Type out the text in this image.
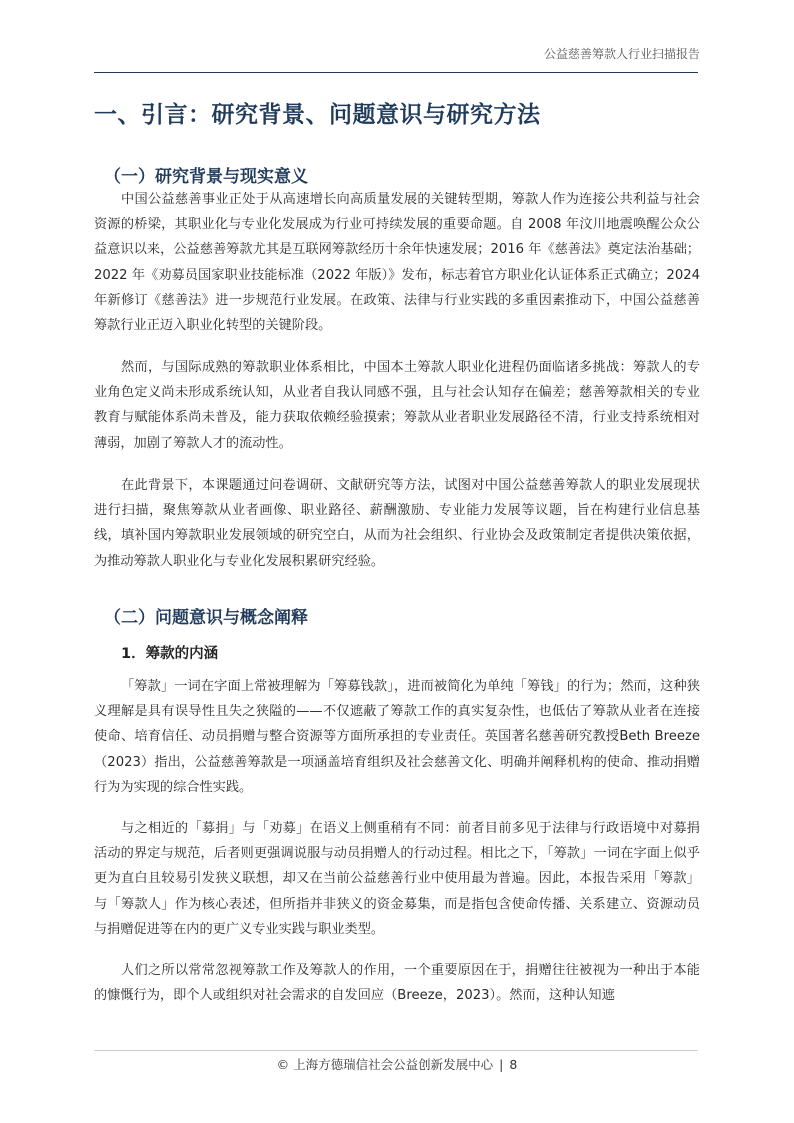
公益慈善筹款人行业扫描报告
一、引言：研究背景、问题意识与研究方法
（一）研究背景与现实意义
中国公益慈善事业正处于从高速增长向高质量发展的关键转型期，筹款人作为连接公共利益与社会资源的桥梁，其职业化与专业化发展成为行业可持续发展的重要命题。自 2008 年汶川地震唤醒公众公益意识以来，公益慈善筹款尤其是互联网筹款经历十余年快速发展；2016 年《慈善法》奠定法治基础；2022 年《劝募员国家职业技能标准（2022 年版）》发布，标志着官方职业化认证体系正式确立；2024 年新修订《慈善法》进一步规范行业发展。在政策、法律与行业实践的多重因素推动下，中国公益慈善筹款行业正迈入职业化转型的关键阶段。
然而，与国际成熟的筹款职业体系相比，中国本土筹款人职业化进程仍面临诸多挑战：筹款人的专业角色定义尚未形成系统认知，从业者自我认同感不强，且与社会认知存在偏差；慈善筹款相关的专业教育与赋能体系尚未普及，能力获取依赖经验摸索；筹款从业者职业发展路径不清，行业支持系统相对薄弱，加剧了筹款人才的流动性。
在此背景下，本课题通过问卷调研、文献研究等方法，试图对中国公益慈善筹款人的职业发展现状进行扫描，聚焦筹款从业者画像、职业路径、薪酬激励、专业能力发展等议题，旨在构建行业信息基线，填补国内筹款职业发展领域的研究空白，从而为社会组织、行业协会及政策制定者提供决策依据，为推动筹款人职业化与专业化发展积累研究经验。
（二）问题意识与概念阐释
1．筹款的内涵
「筹款」一词在字面上常被理解为「筹募钱款」，进而被简化为单纯「筹钱」的行为；然而，这种狭义理解是具有误导性且失之狭隘的——不仅遮蔽了筹款工作的真实复杂性，也低估了筹款从业者在连接使命、培育信任、动员捐赠与整合资源等方面所承担的专业责任。英国著名慈善研究教授Beth Breeze（2023）指出，公益慈善筹款是一项涵盖培育组织及社会慈善文化、明确并阐释机构的使命、推动捐赠行为为实现的综合性实践。
与之相近的「募捐」与「劝募」在语义上侧重稍有不同：前者目前多见于法律与行政语境中对募捐活动的界定与规范，后者则更强调说服与动员捐赠人的行动过程。相比之下，「筹款」一词在字面上似乎更为直白且较易引发狭义联想，却又在当前公益慈善行业中使用最为普遍。因此，本报告采用「筹款」与「筹款人」作为核心表述，但所指并非狭义的资金募集，而是指包含使命传播、关系建立、资源动员与捐赠促进等在内的更广义专业实践与职业类型。
人们之所以常常忽视筹款工作及筹款人的作用，一个重要原因在于，捐赠往往被视为一种出于本能的慷慨行为，即个人或组织对社会需求的自发回应（Breeze，2023）。然而，这种认知遮
© 上海方德瑞信社会公益创新发展中心 | 8
